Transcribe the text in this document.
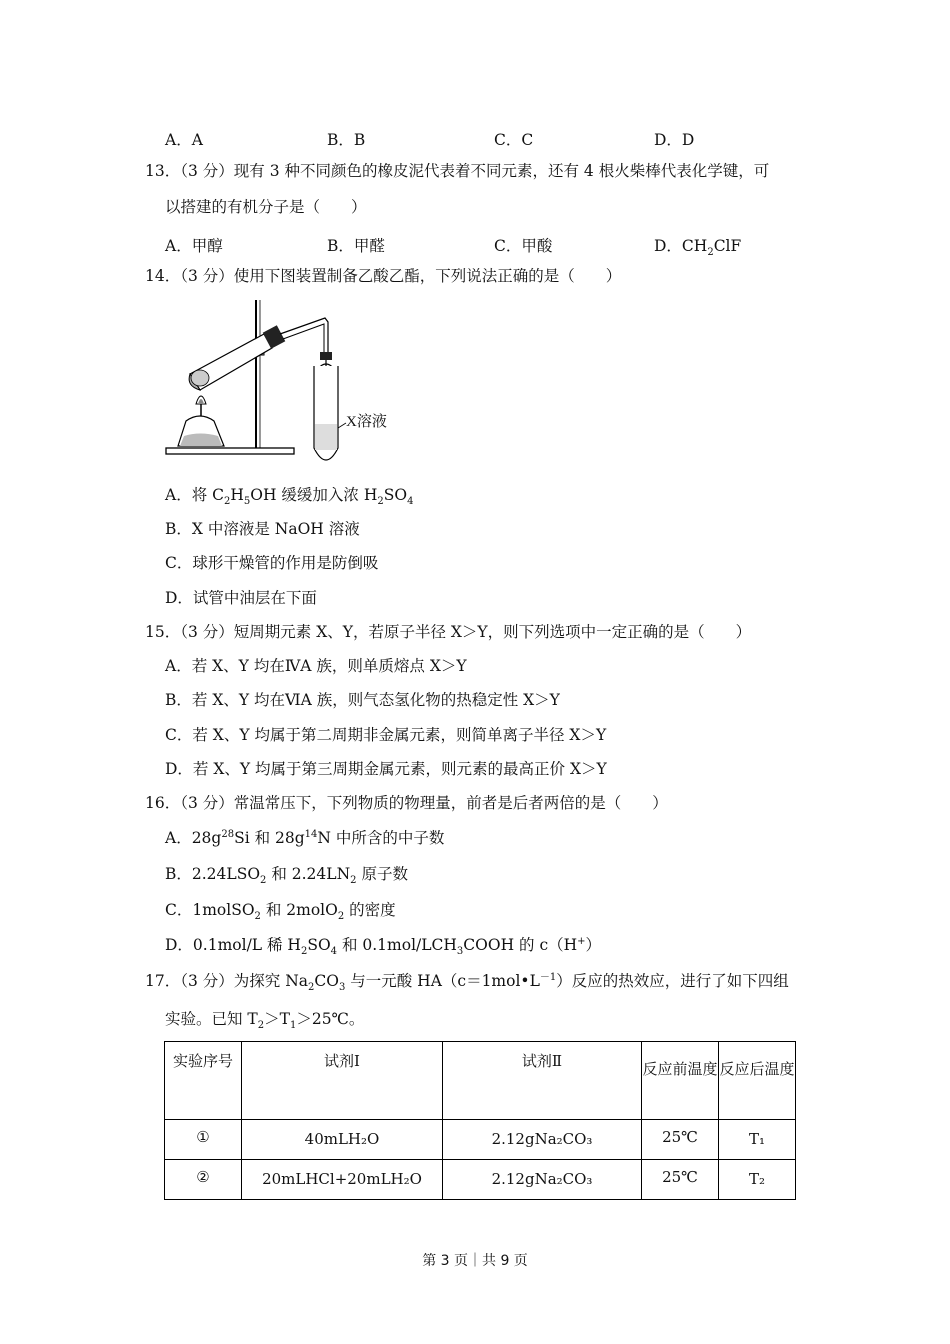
A．A	B．B	C．C	D．D
13．（3 分）现有 3 种不同颜色的橡皮泥代表着不同元素，还有 4 根火柴棒代表化学键，可
以搭建的有机分子是（　　）
A．甲醇	B．甲醛	C．甲酸	D．$CH_2ClF$
14．（3 分）使用下图装置制备乙酸乙酯，下列说法正确的是（　　）
X溶液
A．将 $C_2H_5OH$ 缓缓加入浓 $H_2SO_4$
B．X 中溶液是 NaOH 溶液
C．球形干燥管的作用是防倒吸
D．试管中油层在下面
15．（3 分）短周期元素 X、Y，若原子半径 X＞Y，则下列选项中一定正确的是（　　）
A．若 X、Y 均在ⅣA 族，则单质熔点 X＞Y
B．若 X、Y 均在ⅥA 族，则气态氢化物的热稳定性 X＞Y
C．若 X、Y 均属于第二周期非金属元素，则简单离子半径 X＞Y
D．若 X、Y 均属于第三周期金属元素，则元素的最高正价 X＞Y
16．（3 分）常温常压下，下列物质的物理量，前者是后者两倍的是（　　）
A．$28g^{28}Si$ 和 $28g^{14}N$ 中所含的中子数
B．$2.24LSO_2$ 和 $2.24LN_2$ 原子数
C．1molSO$_2$ 和 2molO$_2$ 的密度
D．0.1mol/L 稀 $H_2SO_4$ 和 $0.1mol/LCH_3COOH$ 的 c（H+）
17．（3 分）为探究 $Na_2CO_3$ 与一元酸 $HA(c=1mol•L^{-1})$反应的热效应，进行了如下四组
实验。已知 $T_2>T_1>25℃$。
实验序号	试剂Ⅰ	试剂Ⅱ	反应前温度	反应后温度
①	40mLH₂O	2.12gNa₂CO₃	25℃	T₁
②	20mLHCl+20mLH₂O	2.12gNa₂CO₃	25℃	T₂
第 3 页｜共 9 页
